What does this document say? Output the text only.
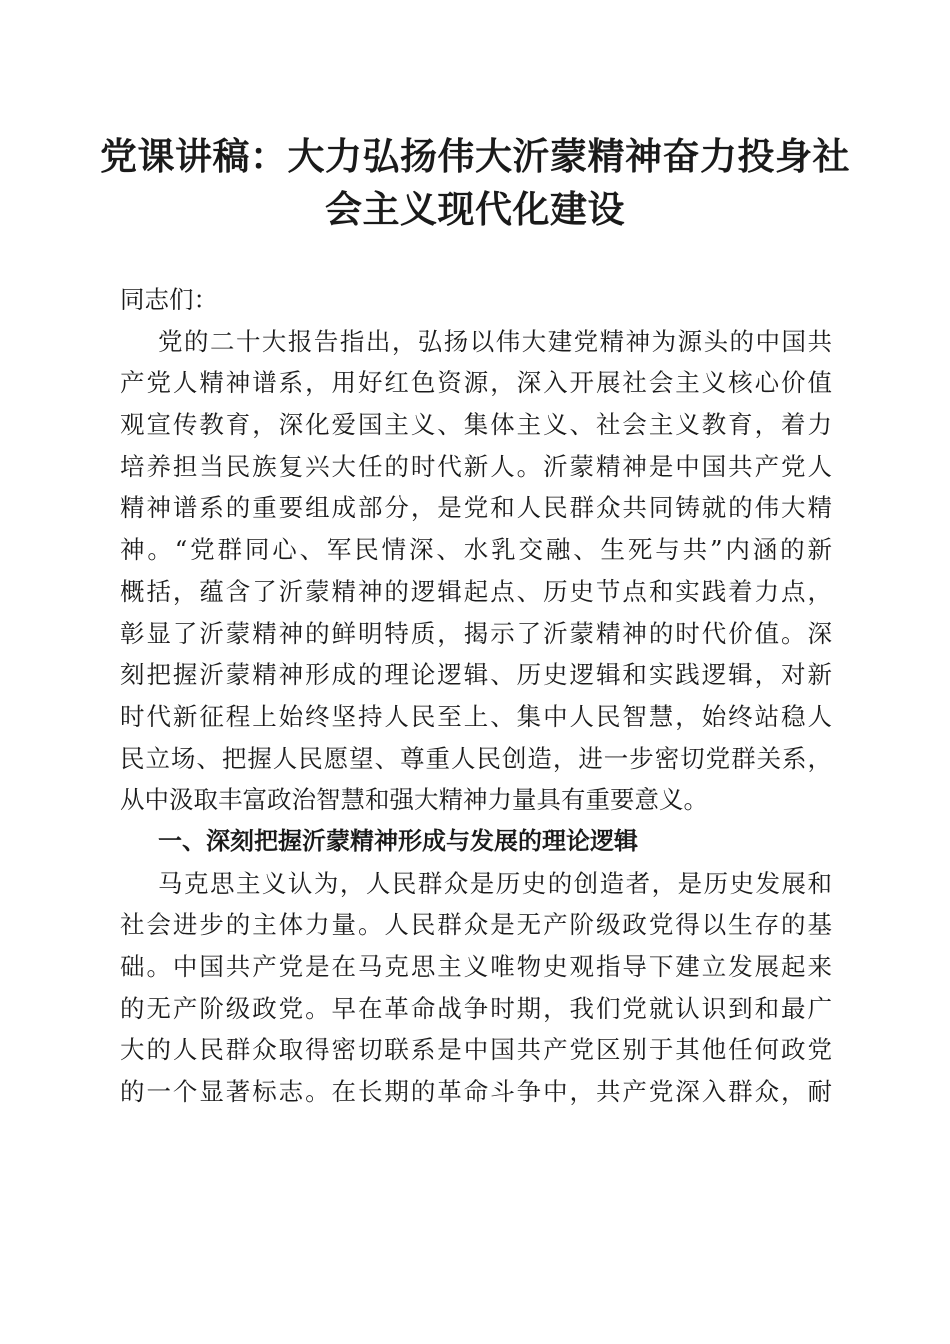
党课讲稿：大力弘扬伟大沂蒙精神奋力投身社
会主义现代化建设
同志们：
党的二十大报告指出，弘扬以伟大建党精神为源头的中国共
产党人精神谱系，用好红色资源，深入开展社会主义核心价值
观宣传教育，深化爱国主义、集体主义、社会主义教育，着力
培养担当民族复兴大任的时代新人。沂蒙精神是中国共产党人
精神谱系的重要组成部分，是党和人民群众共同铸就的伟大精
神。“党群同心、军民情深、水乳交融、生死与共”内涵的新
概括，蕴含了沂蒙精神的逻辑起点、历史节点和实践着力点，
彰显了沂蒙精神的鲜明特质，揭示了沂蒙精神的时代价值。深
刻把握沂蒙精神形成的理论逻辑、历史逻辑和实践逻辑，对新
时代新征程上始终坚持人民至上、集中人民智慧，始终站稳人
民立场、把握人民愿望、尊重人民创造，进一步密切党群关系，
从中汲取丰富政治智慧和强大精神力量具有重要意义。
一、深刻把握沂蒙精神形成与发展的理论逻辑
马克思主义认为，人民群众是历史的创造者，是历史发展和
社会进步的主体力量。人民群众是无产阶级政党得以生存的基
础。中国共产党是在马克思主义唯物史观指导下建立发展起来
的无产阶级政党。早在革命战争时期，我们党就认识到和最广
大的人民群众取得密切联系是中国共产党区别于其他任何政党
的一个显著标志。在长期的革命斗争中，共产党深入群众，耐
